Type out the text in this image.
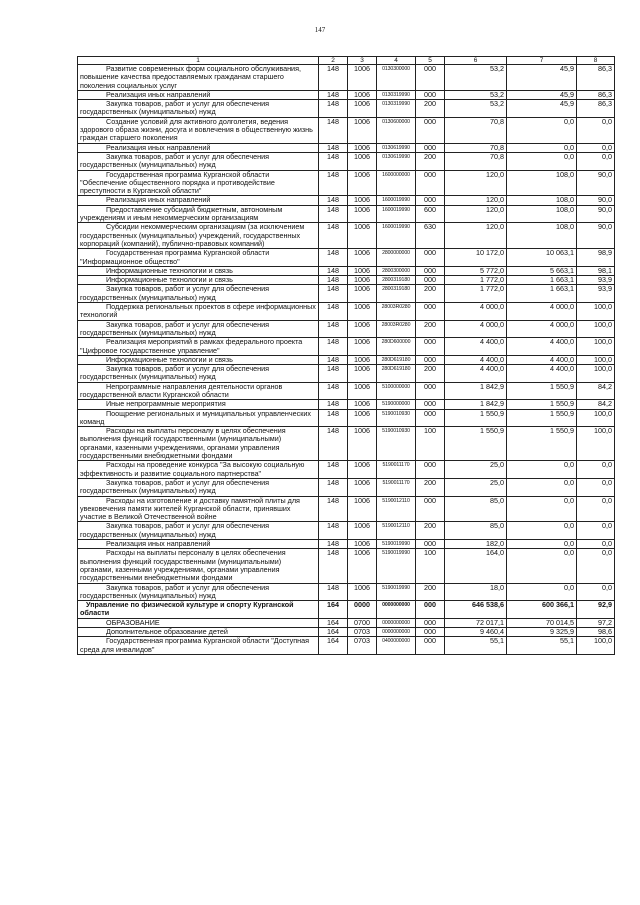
147
1	2	3	4	5	6	7	8
Развитие современных форм социального обслуживания, повышение качества предоставляемых гражданам старшего поколения социальных услуг	148	1006	0130300000	000	53,2	45,9	86,3
Реализация иных направлений	148	1006	0130319990	000	53,2	45,9	86,3
Закупка товаров, работ и услуг для обеспечения государственных (муниципальных) нужд	148	1006	0130319990	200	53,2	45,9	86,3
Создание условий для активного долголетия, ведения здорового образа жизни, досуга и вовлечения в общественную жизнь граждан старшего поколения	148	1006	0130600000	000	70,8	0,0	0,0
Реализация иных направлений	148	1006	0130619990	000	70,8	0,0	0,0
Закупка товаров, работ и услуг для обеспечения государственных (муниципальных) нужд	148	1006	0130619990	200	70,8	0,0	0,0
Государственная программа Курганской области "Обеспечение общественного порядка и противодействие преступности в Курганской области"	148	1006	1600000000	000	120,0	108,0	90,0
Реализация иных направлений	148	1006	1600019990	000	120,0	108,0	90,0
Предоставление субсидий бюджетным, автономным учреждениям и иным некоммерческим организациям	148	1006	1600019990	600	120,0	108,0	90,0
Субсидии некоммерческим организациям (за исключением государственных (муниципальных) учреждений, государственных корпораций (компаний), публично-правовых компаний)	148	1006	1600019990	630	120,0	108,0	90,0
Государственная программа Курганской области "Информационное общество"	148	1006	2800000000	000	10 172,0	10 063,1	98,9
Информационные технологии и связь	148	1006	2800300000	000	5 772,0	5 663,1	98,1
Информационные технологии и связь	148	1006	2800319180	000	1 772,0	1 663,1	93,9
Закупка товаров, работ и услуг для обеспечения государственных (муниципальных) нужд	148	1006	2800319180	200	1 772,0	1 663,1	93,9
Поддержка региональных проектов в сфере информационных технологий	148	1006	28003R0280	000	4 000,0	4 000,0	100,0
Закупка товаров, работ и услуг для обеспечения государственных (муниципальных) нужд	148	1006	28003R0280	200	4 000,0	4 000,0	100,0
Реализация мероприятий в рамках федерального проекта "Цифровое государственное управление"	148	1006	280D600000	000	4 400,0	4 400,0	100,0
Информационные технологии и связь	148	1006	280D619180	000	4 400,0	4 400,0	100,0
Закупка товаров, работ и услуг для обеспечения государственных (муниципальных) нужд	148	1006	280D619180	200	4 400,0	4 400,0	100,0
Непрограммные направления деятельности органов государственной власти Курганской области	148	1006	5100000000	000	1 842,9	1 550,9	84,2
Иные непрограммные мероприятия	148	1006	5190000000	000	1 842,9	1 550,9	84,2
Поощрение региональных и муниципальных управленческих команд	148	1006	5190010930	000	1 550,9	1 550,9	100,0
Расходы на выплаты персоналу в целях обеспечения выполнения функций государственными (муниципальными) органами, казенными учреждениями, органами управления государственными внебюджетными фондами	148	1006	5190010930	100	1 550,9	1 550,9	100,0
Расходы на проведение конкурса "За высокую социальную эффективность и развитие социального партнерства"	148	1006	5190011170	000	25,0	0,0	0,0
Закупка товаров, работ и услуг для обеспечения государственных (муниципальных) нужд	148	1006	5190011170	200	25,0	0,0	0,0
Расходы на изготовление и доставку памятной плиты для увековечения памяти жителей Курганской области, принявших участие в Великой Отечественной войне	148	1006	5190012110	000	85,0	0,0	0,0
Закупка товаров, работ и услуг для обеспечения государственных (муниципальных) нужд	148	1006	5190012110	200	85,0	0,0	0,0
Реализация иных направлений	148	1006	5190019990	000	182,0	0,0	0,0
Расходы на выплаты персоналу в целях обеспечения выполнения функций государственными (муниципальными) органами, казенными учреждениями, органами управления государственными внебюджетными фондами	148	1006	5190019990	100	164,0	0,0	0,0
Закупка товаров, работ и услуг для обеспечения государственных (муниципальных) нужд	148	1006	5190019990	200	18,0	0,0	0,0
Управление по физической культуре и спорту Курганской области	164	0000	0000000000	000	646 538,6	600 366,1	92,9
ОБРАЗОВАНИЕ	164	0700	0000000000	000	72 017,1	70 014,5	97,2
Дополнительное образование детей	164	0703	0000000000	000	9 460,4	9 325,9	98,6
Государственная программа Курганской области "Доступная среда для инвалидов"	164	0703	0400000000	000	55,1	55,1	100,0
